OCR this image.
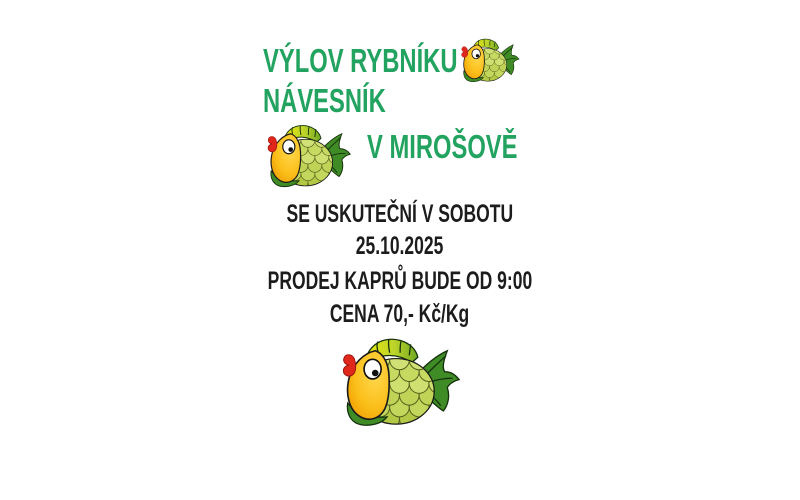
VÝLOV RYBNÍKU
NÁVESNÍK
V MIROŠOVĚ
SE USKUTEČNÍ V SOBOTU
25.10.2025
PRODEJ KAPRŮ BUDE OD 9:00
CENA 70,- Kč/Kg
